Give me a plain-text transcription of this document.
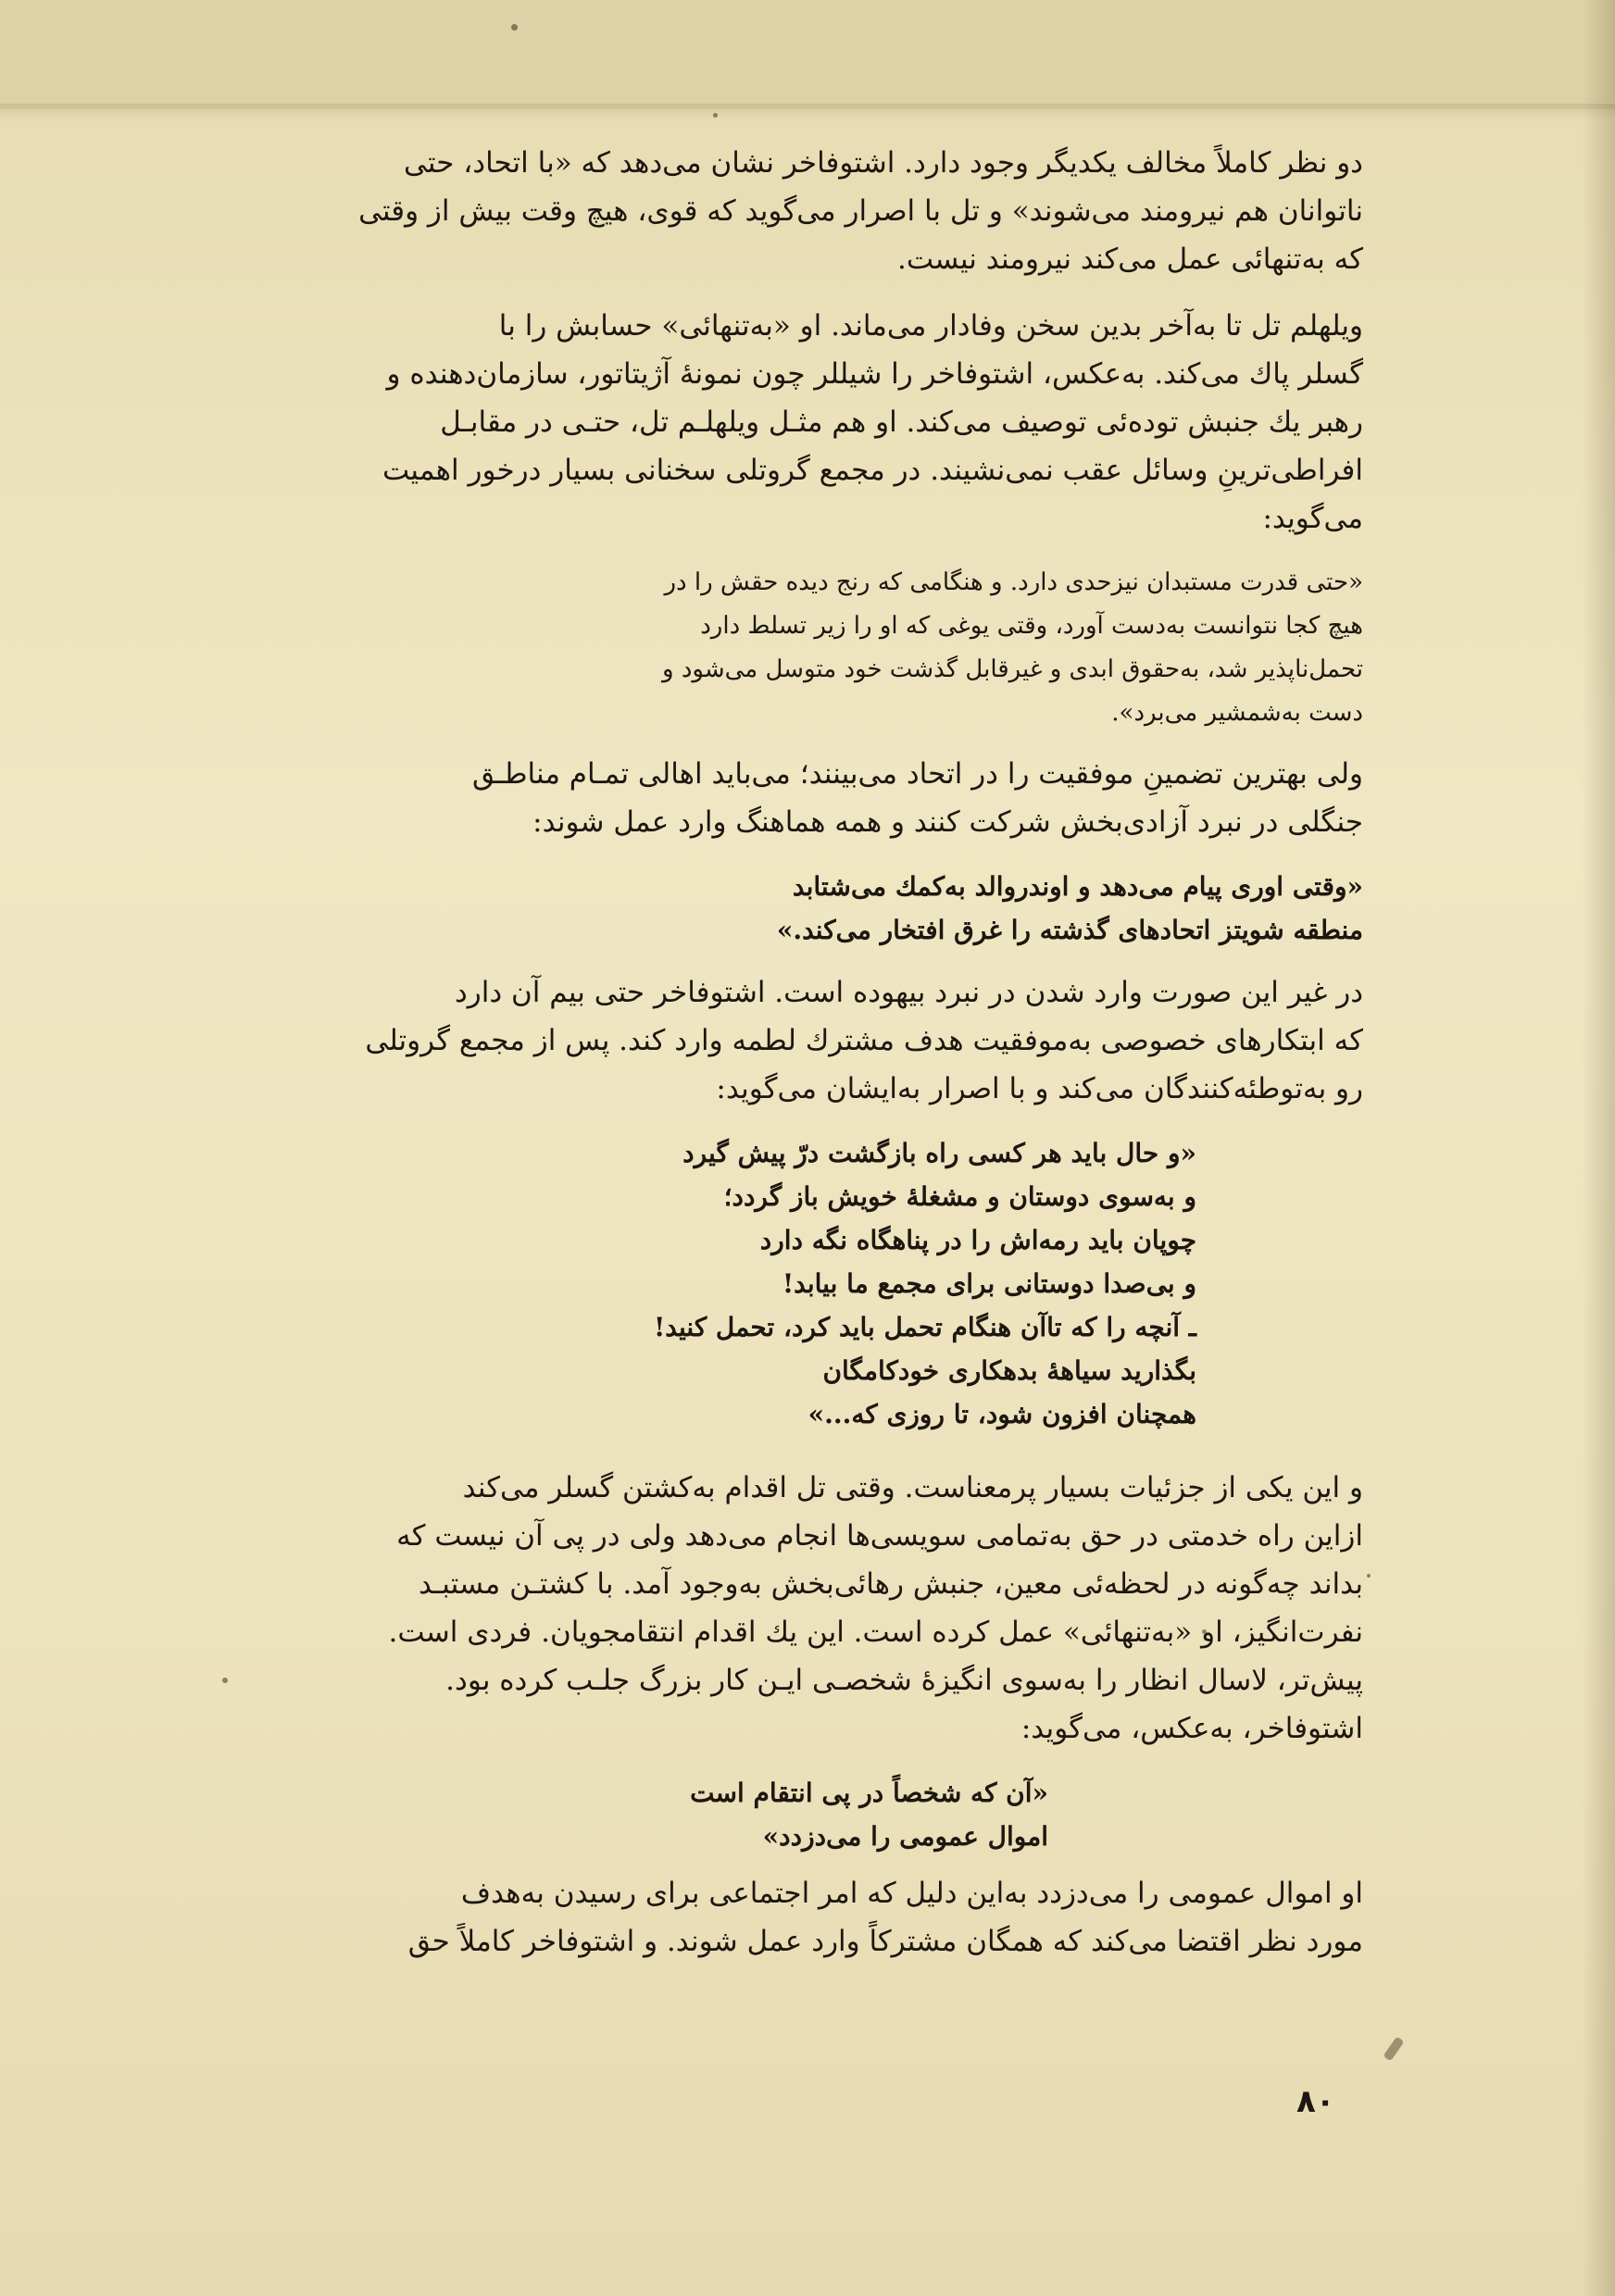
دو نظر کاملاً مخالف یکدیگر وجود دارد. اشتوفاخر نشان می‌دهد که «با اتحاد، حتی
ناتوانان هم نیرومند می‌شوند» و تل با اصرار می‌گوید که قوی، هیچ وقت بیش از وقتی
که به‌تنهائی عمل می‌کند نیرومند نیست.

ویلهلم تل تا به‌آخر بدین سخن وفادار می‌ماند. او «به‌تنهائی» حسابش را با
گسلر پاك می‌کند. به‌عکس، اشتوفاخر را شیللر چون نمونهٔ آژیتاتور، سازمان‌دهنده و
رهبر یك جنبش توده‌ئی توصیف می‌کند. او هم مثـل ویلهلـم تل، حتـی در مقابـل
افراطی‌ترینِ وسائل عقب نمی‌نشیند. در مجمع گروتلی سخنانی بسیار درخور اهمیت
می‌گوید:

«حتی قدرت مستبدان نیزحدی دارد. و هنگامی که رنج دیده حقش را در
هیچ کجا نتوانست به‌دست آورد، وقتی یوغی که او را زیر تسلط دارد
تحمل‌ناپذیر شد، به‌حقوق ابدی و غیرقابل گذشت خود متوسل می‌شود و
دست به‌شمشیر می‌برد».

ولی بهترین تضمینِ موفقیت را در اتحاد می‌بینند؛ می‌باید اهالی تمـام مناطـق
جنگلی در نبرد آزادی‌بخش شرکت کنند و همه هماهنگ وارد عمل شوند:

«وقتی اوری پیام می‌دهد و اوندروالد به‌کمك می‌شتابد
منطقه شویتز اتحادهای گذشته را غرق افتخار می‌کند.»

در غیر این صورت وارد شدن در نبرد بیهوده است. اشتوفاخر حتی بیم آن دارد
که ابتکارهای خصوصی به‌موفقیت هدف مشترك لطمه وارد کند. پس از مجمع گروتلی
رو به‌توطئه‌کنندگان می‌کند و با اصرار به‌ایشان می‌گوید:

«و حال باید هر کسی راه بازگشت درّ پیش گیرد
و به‌سوی دوستان و مشغلهٔ خویش باز گردد؛
چوپان باید رمه‌اش را در پناهگاه نگه دارد
و بی‌صدا دوستانی برای مجمع ما بیابد!
ـ آنچه را که تاآن هنگام تحمل باید کرد، تحمل کنید!
بگذارید سیاههٔ بدهکاری خودکامگان
همچنان افزون شود، تا روزی که...»

و این یکی از جزئیات بسیار پرمعناست. وقتی تل اقدام به‌کشتن گسلر می‌کند
ازاین راه خدمتی در حق به‌تمامی سویسی‌ها انجام می‌دهد ولی در پی آن نیست که
بداند چه‌گونه در لحظه‌ئی معین، جنبش رهائی‌بخش به‌وجود آمد. با کشتـن مستبـد
نفرت‌انگیز، او «به‌تنهائی» عمل کرده است. این یك اقدام انتقامجویان. فردی است.
پیش‌تر، لاسال انظار را به‌سوی انگیزهٔ شخصـی ایـن کار بزرگ جلـب کرده بود.
اشتوفاخر، به‌عکس، می‌گوید:

«آن که شخصاً در پی انتقام است
اموال عمومی را می‌دزدد»

او اموال عمومی را می‌دزدد به‌این دلیل که امر اجتماعی برای رسیدن به‌هدف
مورد نظر اقتضا می‌کند که همگان مشترکاً وارد عمل شوند. و اشتوفاخر کاملاً حق

۸۰
